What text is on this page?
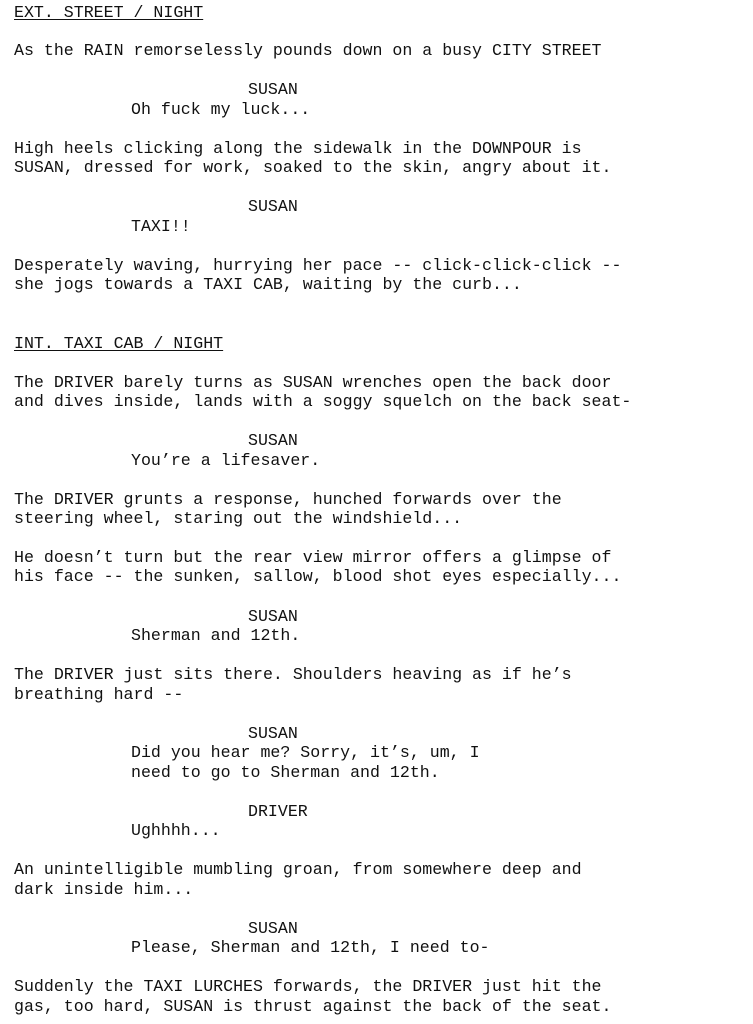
EXT. STREET / NIGHT
As the RAIN remorselessly pounds down on a busy CITY STREET
SUSAN
Oh fuck my luck...
High heels clicking along the sidewalk in the DOWNPOUR is
SUSAN, dressed for work, soaked to the skin, angry about it.
SUSAN
TAXI!!
Desperately waving, hurrying her pace -- click-click-click --
she jogs towards a TAXI CAB, waiting by the curb...
INT. TAXI CAB / NIGHT
The DRIVER barely turns as SUSAN wrenches open the back door
and dives inside, lands with a soggy squelch on the back seat-
SUSAN
You’re a lifesaver.
The DRIVER grunts a response, hunched forwards over the
steering wheel, staring out the windshield...
He doesn’t turn but the rear view mirror offers a glimpse of
his face -- the sunken, sallow, blood shot eyes especially...
SUSAN
Sherman and 12th.
The DRIVER just sits there. Shoulders heaving as if he’s
breathing hard --
SUSAN
Did you hear me? Sorry, it’s, um, I
need to go to Sherman and 12th.
DRIVER
Ughhhh...
An unintelligible mumbling groan, from somewhere deep and
dark inside him...
SUSAN
Please, Sherman and 12th, I need to-
Suddenly the TAXI LURCHES forwards, the DRIVER just hit the
gas, too hard, SUSAN is thrust against the back of the seat.
